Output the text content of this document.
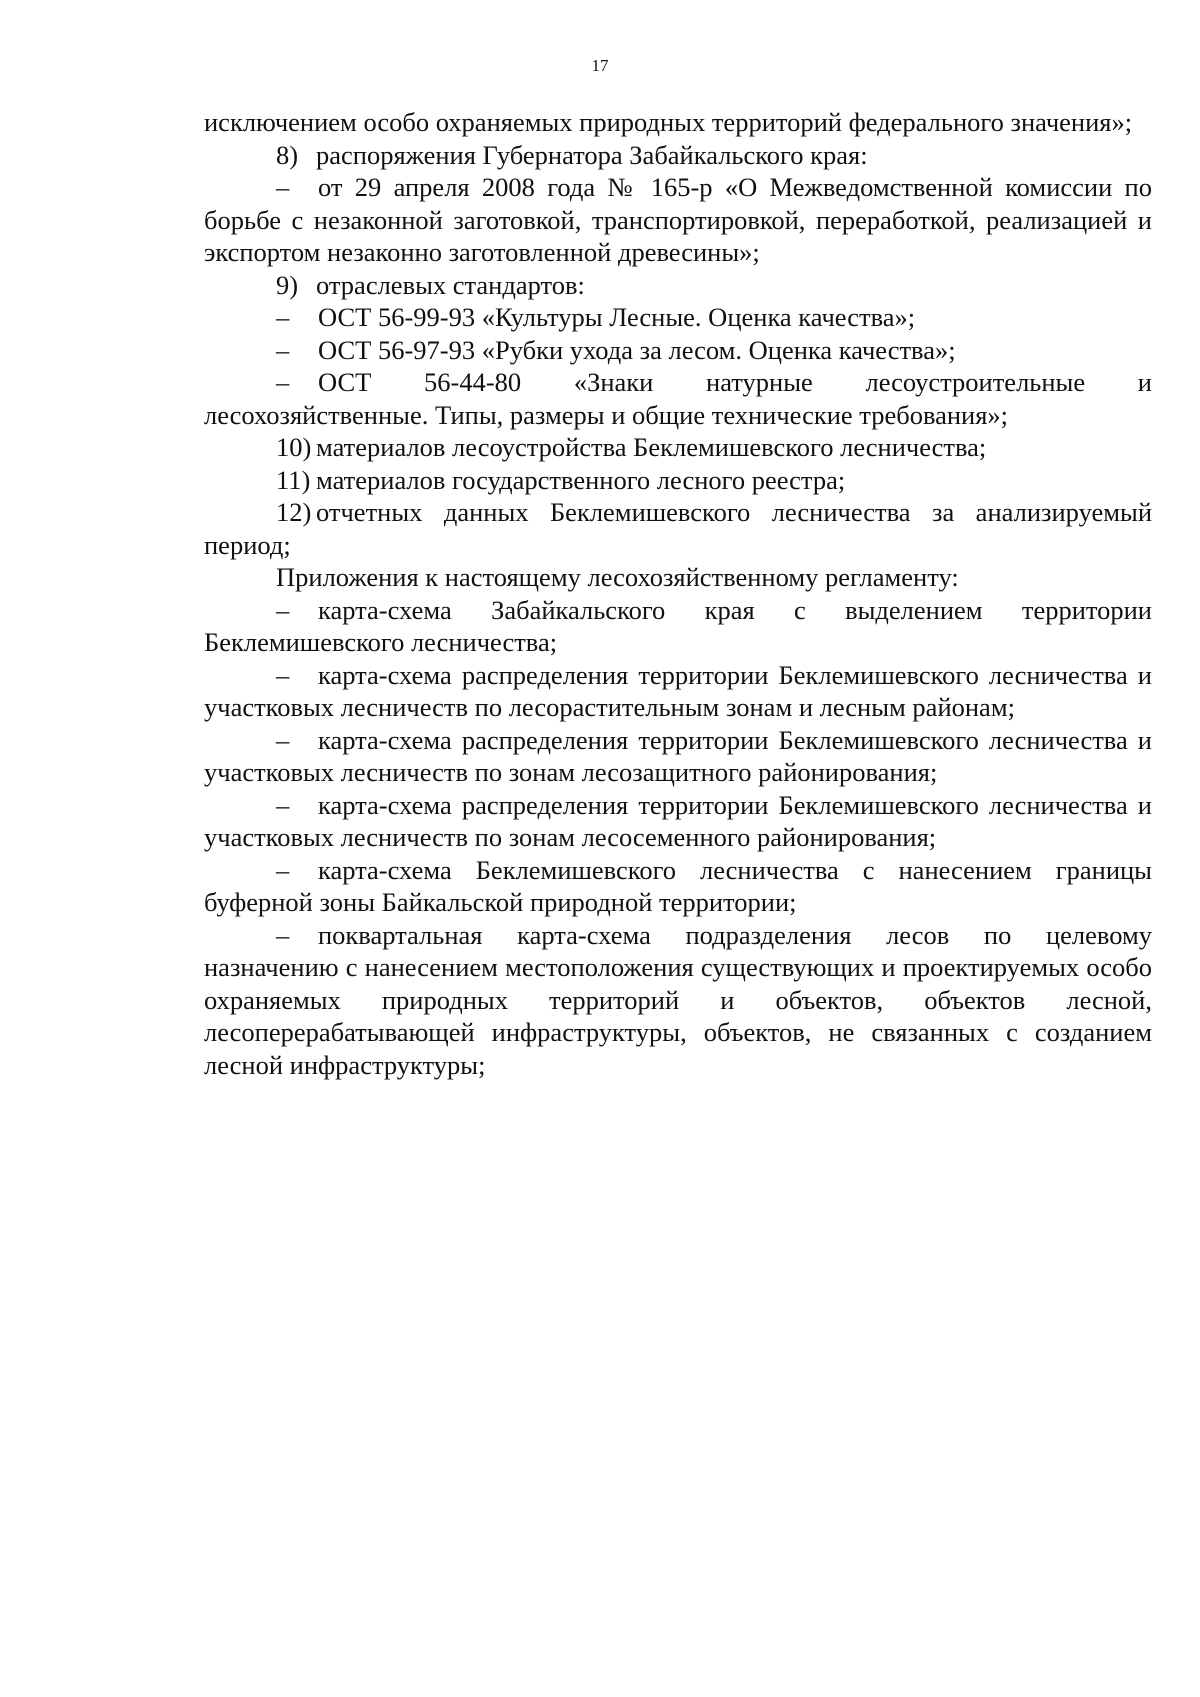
17

исключением особо охраняемых природных территорий федерального значения»;

8) распоряжения Губернатора Забайкальского края:

– от 29 апреля 2008 года № 165-р «О Межведомственной комиссии по борьбе с незаконной заготовкой, транспортировкой, переработкой, реализацией и экспортом незаконно заготовленной древесины»;

9) отраслевых стандартов:

– ОСТ 56-99-93 «Культуры Лесные. Оценка качества»;

– ОСТ 56-97-93 «Рубки ухода за лесом. Оценка качества»;

– ОСТ 56-44-80 «Знаки натурные лесоустроительные и лесохозяйственные. Типы, размеры и общие технические требования»;

10) материалов лесоустройства Беклемишевского лесничества;

11) материалов государственного лесного реестра;

12) отчетных данных Беклемишевского лесничества за анализируемый период;

Приложения к настоящему лесохозяйственному регламенту:

– карта-схема Забайкальского края с выделением территории Беклемишевского лесничества;

– карта-схема распределения территории Беклемишевского лесничества и участковых лесничеств по лесорастительным зонам и лесным районам;

– карта-схема распределения территории Беклемишевского лесничества и участковых лесничеств по зонам лесозащитного районирования;

– карта-схема распределения территории Беклемишевского лесничества и участковых лесничеств по зонам лесосеменного районирования;

– карта-схема Беклемишевского лесничества с нанесением границы буферной зоны Байкальской природной территории;

– поквартальная карта-схема подразделения лесов по целевому назначению с нанесением местоположения существующих и проектируемых особо охраняемых природных территорий и объектов, объектов лесной, лесоперерабатывающей инфраструктуры, объектов, не связанных с созданием лесной инфраструктуры;
